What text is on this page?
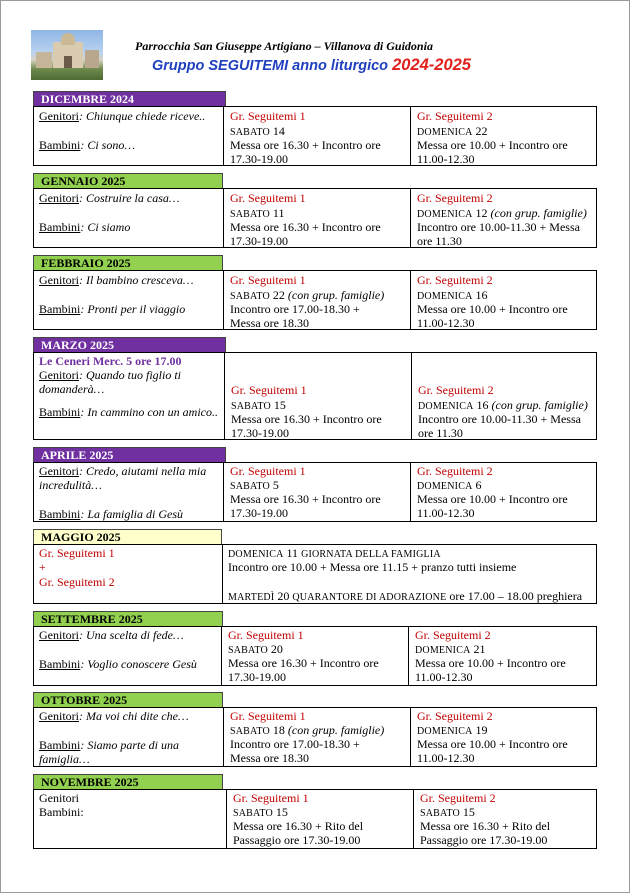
Parrocchia San Giuseppe Artigiano – Villanova di Guidonia
Gruppo SEGUITEMI anno liturgico 2024-2025
DICEMBRE 2024
Genitori: Chiunque chiede riceve..
Bambini: Ci sono…
Gr. Seguitemi 1
SABATO 14
Messa ore 16.30 + Incontro ore
17.30-19.00
Gr. Seguitemi 2
DOMENICA 22
Messa ore 10.00 + Incontro ore
11.00-12.30
GENNAIO 2025
Genitori: Costruire la casa…
Bambini: Ci siamo
Gr. Seguitemi 1
SABATO 11
Messa ore 16.30 + Incontro ore
17.30-19.00
Gr. Seguitemi 2
DOMENICA 12 (con grup. famiglie)
Incontro ore 10.00-11.30 + Messa
ore 11.30
FEBBRAIO 2025
Genitori: Il bambino cresceva…
Bambini: Pronti per il viaggio
Gr. Seguitemi 1
SABATO 22 (con grup. famiglie)
Incontro ore 17.00-18.30 +
Messa ore 18.30
Gr. Seguitemi 2
DOMENICA 16
Messa ore 10.00 + Incontro ore
11.00-12.30
MARZO 2025
Le Ceneri Merc. 5 ore 17.00
Genitori: Quando tuo figlio ti domanderà…
Bambini: In cammino con un amico..
Gr. Seguitemi 1
SABATO 15
Messa ore 16.30 + Incontro ore
17.30-19.00
Gr. Seguitemi 2
DOMENICA 16 (con grup. famiglie)
Incontro ore 10.00-11.30 + Messa
ore 11.30
APRILE 2025
Genitori: Credo, aiutami nella mia incredulità…
Bambini: La famiglia di Gesù
Gr. Seguitemi 1
SABATO 5
Messa ore 16.30 + Incontro ore
17.30-19.00
Gr. Seguitemi 2
DOMENICA 6
Messa ore 10.00 + Incontro ore
11.00-12.30
MAGGIO 2025
Gr. Seguitemi 1
+
Gr. Seguitemi 2
DOMENICA 11 GIORNATA DELLA FAMIGLIA
Incontro ore 10.00 + Messa ore 11.15 + pranzo tutti insieme
MARTEDÌ 20 QUARANTORE DI ADORAZIONE ore 17.00 – 18.00 preghiera
SETTEMBRE 2025
Genitori: Una scelta di fede…
Bambini: Voglio conoscere Gesù
Gr. Seguitemi 1
SABATO 20
Messa ore 16.30 + Incontro ore
17.30-19.00
Gr. Seguitemi 2
DOMENICA 21
Messa ore 10.00 + Incontro ore
11.00-12.30
OTTOBRE 2025
Genitori: Ma voi chi dite che…
Bambini: Siamo parte di una famiglia…
Gr. Seguitemi 1
SABATO 18 (con grup. famiglie)
Incontro ore 17.00-18.30 +
Messa ore 18.30
Gr. Seguitemi 2
DOMENICA 19
Messa ore 10.00 + Incontro ore
11.00-12.30
NOVEMBRE 2025
Genitori
Bambini:
Gr. Seguitemi 1
SABATO 15
Messa ore 16.30 + Rito del
Passaggio ore 17.30-19.00
Gr. Seguitemi 2
SABATO 15
Messa ore 16.30 + Rito del
Passaggio ore 17.30-19.00
